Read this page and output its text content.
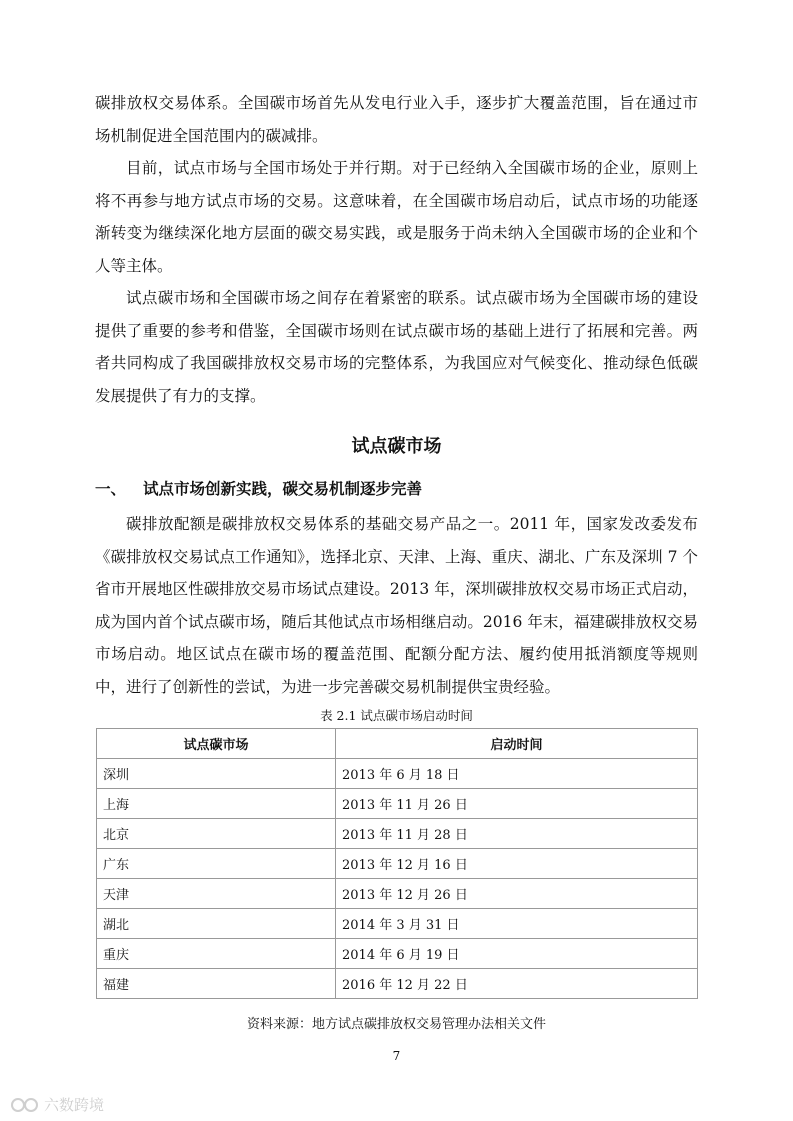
碳排放权交易体系。全国碳市场首先从发电行业入手，逐步扩大覆盖范围，旨在通过市场机制促进全国范围内的碳减排。

目前，试点市场与全国市场处于并行期。对于已经纳入全国碳市场的企业，原则上将不再参与地方试点市场的交易。这意味着，在全国碳市场启动后，试点市场的功能逐渐转变为继续深化地方层面的碳交易实践，或是服务于尚未纳入全国碳市场的企业和个人等主体。

试点碳市场和全国碳市场之间存在着紧密的联系。试点碳市场为全国碳市场的建设提供了重要的参考和借鉴，全国碳市场则在试点碳市场的基础上进行了拓展和完善。两者共同构成了我国碳排放权交易市场的完整体系，为我国应对气候变化、推动绿色低碳发展提供了有力的支撑。

试点碳市场
一、 试点市场创新实践，碳交易机制逐步完善

碳排放配额是碳排放权交易体系的基础交易产品之一。2011 年，国家发改委发布《碳排放权交易试点工作通知》，选择北京、天津、上海、重庆、湖北、广东及深圳 7 个省市开展地区性碳排放交易市场试点建设。2013 年，深圳碳排放权交易市场正式启动，成为国内首个试点碳市场，随后其他试点市场相继启动。2016 年末，福建碳排放权交易市场启动。地区试点在碳市场的覆盖范围、配额分配方法、履约使用抵消额度等规则中，进行了创新性的尝试，为进一步完善碳交易机制提供宝贵经验。

表 2.1 试点碳市场启动时间
试点碳市场	启动时间
深圳	2013 年 6 月 18 日
上海	2013 年 11 月 26 日
北京	2013 年 11 月 28 日
广东	2013 年 12 月 16 日
天津	2013 年 12 月 26 日
湖北	2014 年 3 月 31 日
重庆	2014 年 6 月 19 日
福建	2016 年 12 月 22 日
资料来源：地方试点碳排放权交易管理办法相关文件
7
六数跨境
